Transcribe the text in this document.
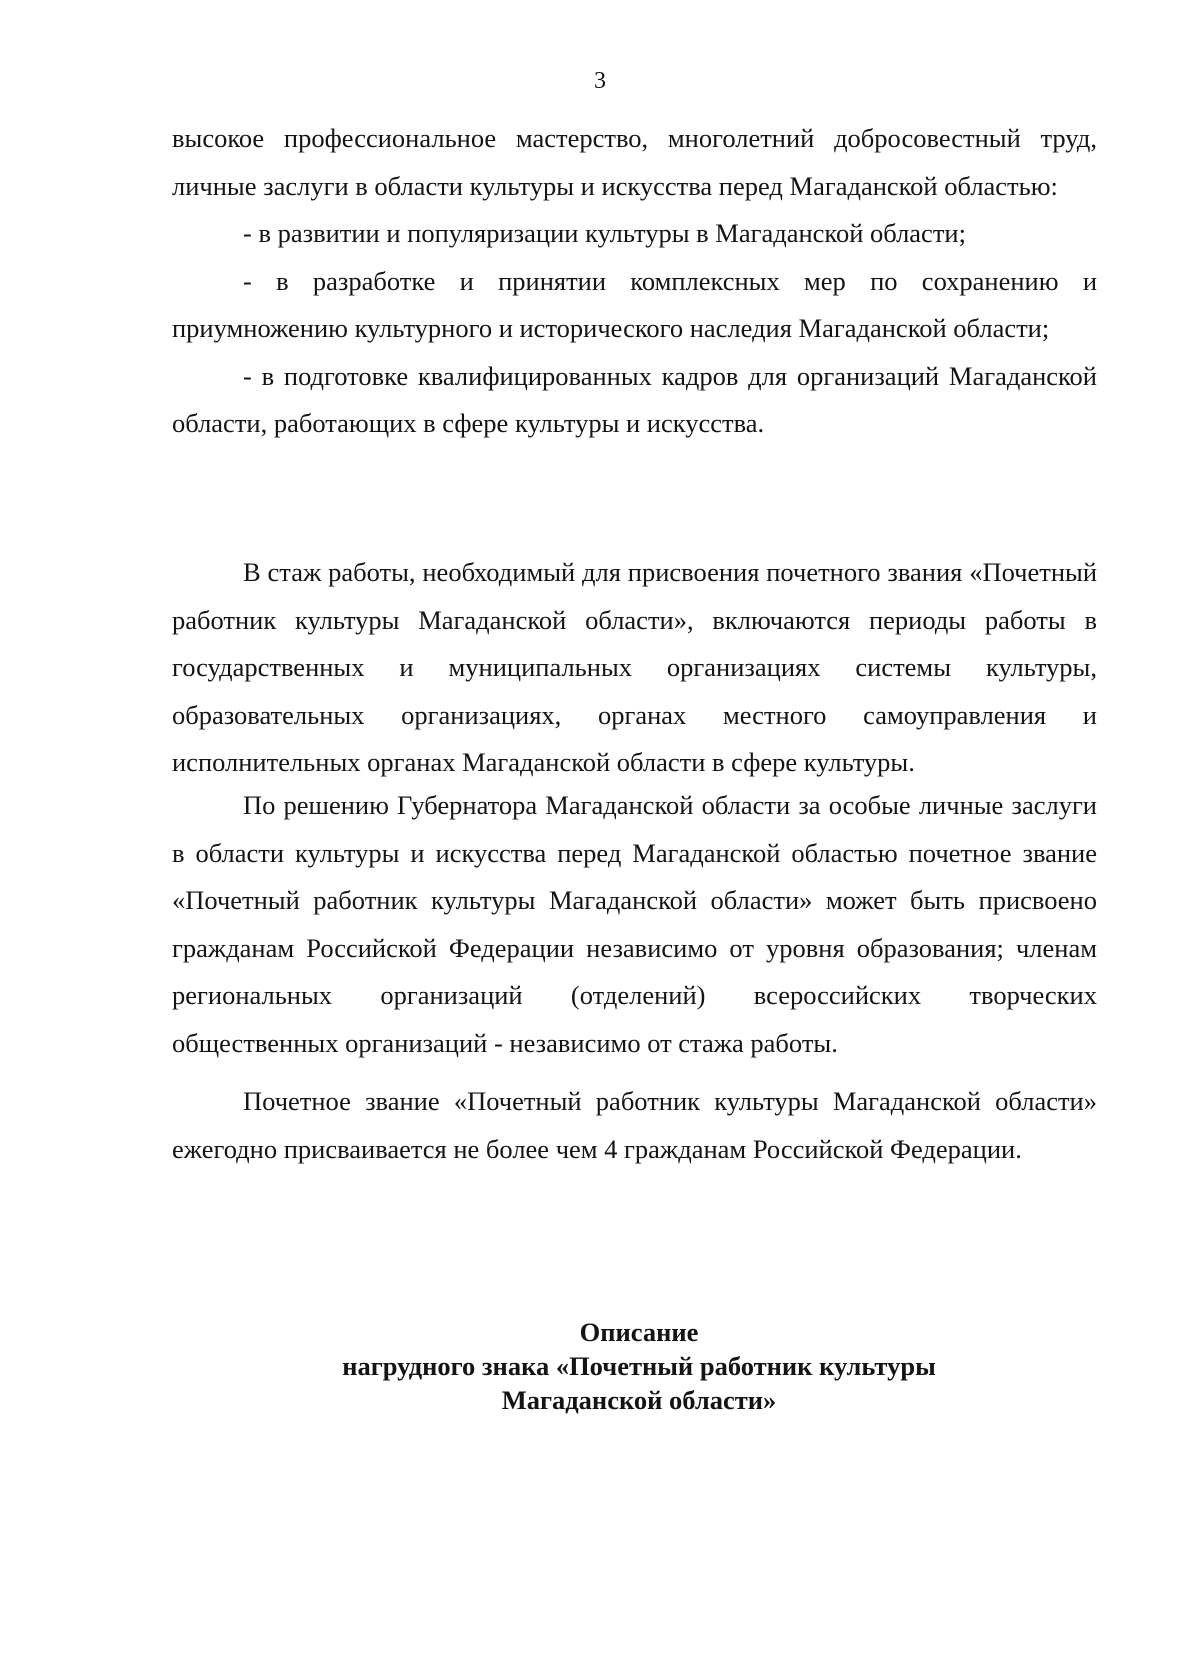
3

высокое профессиональное мастерство, многолетний добросовестный труд, личные заслуги в области культуры и искусства перед Магаданской областью:

- в развитии и популяризации культуры в Магаданской области;

- в разработке и принятии комплексных мер по сохранению и приумножению культурного и исторического наследия Магаданской области;

- в подготовке квалифицированных кадров для организаций Магаданской области, работающих в сфере культуры и искусства.

В стаж работы, необходимый для присвоения почетного звания «Почетный работник культуры Магаданской области», включаются периоды работы в государственных и муниципальных организациях системы культуры, образовательных организациях, органах местного самоуправления и исполнительных органах Магаданской области в сфере культуры.

По решению Губернатора Магаданской области за особые личные заслуги в области культуры и искусства перед Магаданской областью почетное звание «Почетный работник культуры Магаданской области» может быть присвоено гражданам Российской Федерации независимо от уровня образования; членам региональных организаций (отделений) всероссийских творческих общественных организаций - независимо от стажа работы.

Почетное звание «Почетный работник культуры Магаданской области» ежегодно присваивается не более чем 4 гражданам Российской Федерации.

Описание
нагрудного знака «Почетный работник культуры
Магаданской области»
